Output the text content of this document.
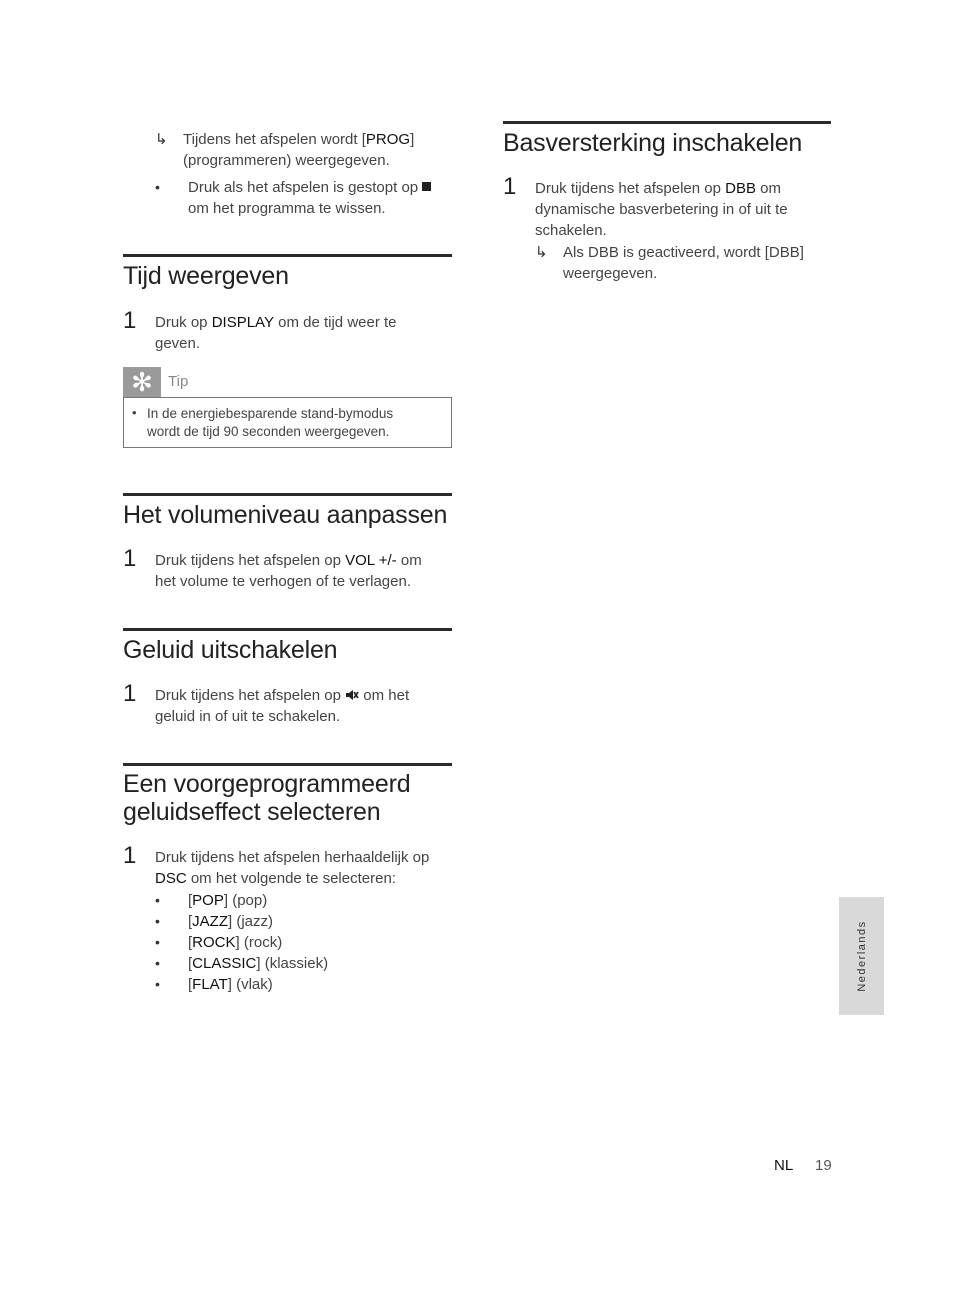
↳	Tijdens het afspelen wordt [PROG]
(programmeren) weergegeven.
•	Druk als het afspelen is gestopt op
om het programma te wissen.
Tijd weergeven
1 Druk op DISPLAY om de tijd weer te
geven.
✻	Tip
• In de energiebesparende stand-bymodus
wordt de tijd 90 seconden weergegeven.
Het volumeniveau aanpassen
1 Druk tijdens het afspelen op VOL +/- om
het volume te verhogen of te verlagen.
Geluid uitschakelen
1 Druk tijdens het afspelen op  om het
geluid in of uit te schakelen.
Een voorgeprogrammeerd
geluidseffect selecteren
1 Druk tijdens het afspelen herhaaldelijk op
DSC om het volgende te selecteren:
• [POP] (pop)
• [JAZZ] (jazz)
• [ROCK] (rock)
• [CLASSIC] (klassiek)
• [FLAT] (vlak)
Basversterking inschakelen
1 Druk tijdens het afspelen op DBB om
dynamische basverbetering in of uit te
schakelen.
↳	Als DBB is geactiveerd, wordt [DBB]
weergegeven.
Nederlands
NL 19
